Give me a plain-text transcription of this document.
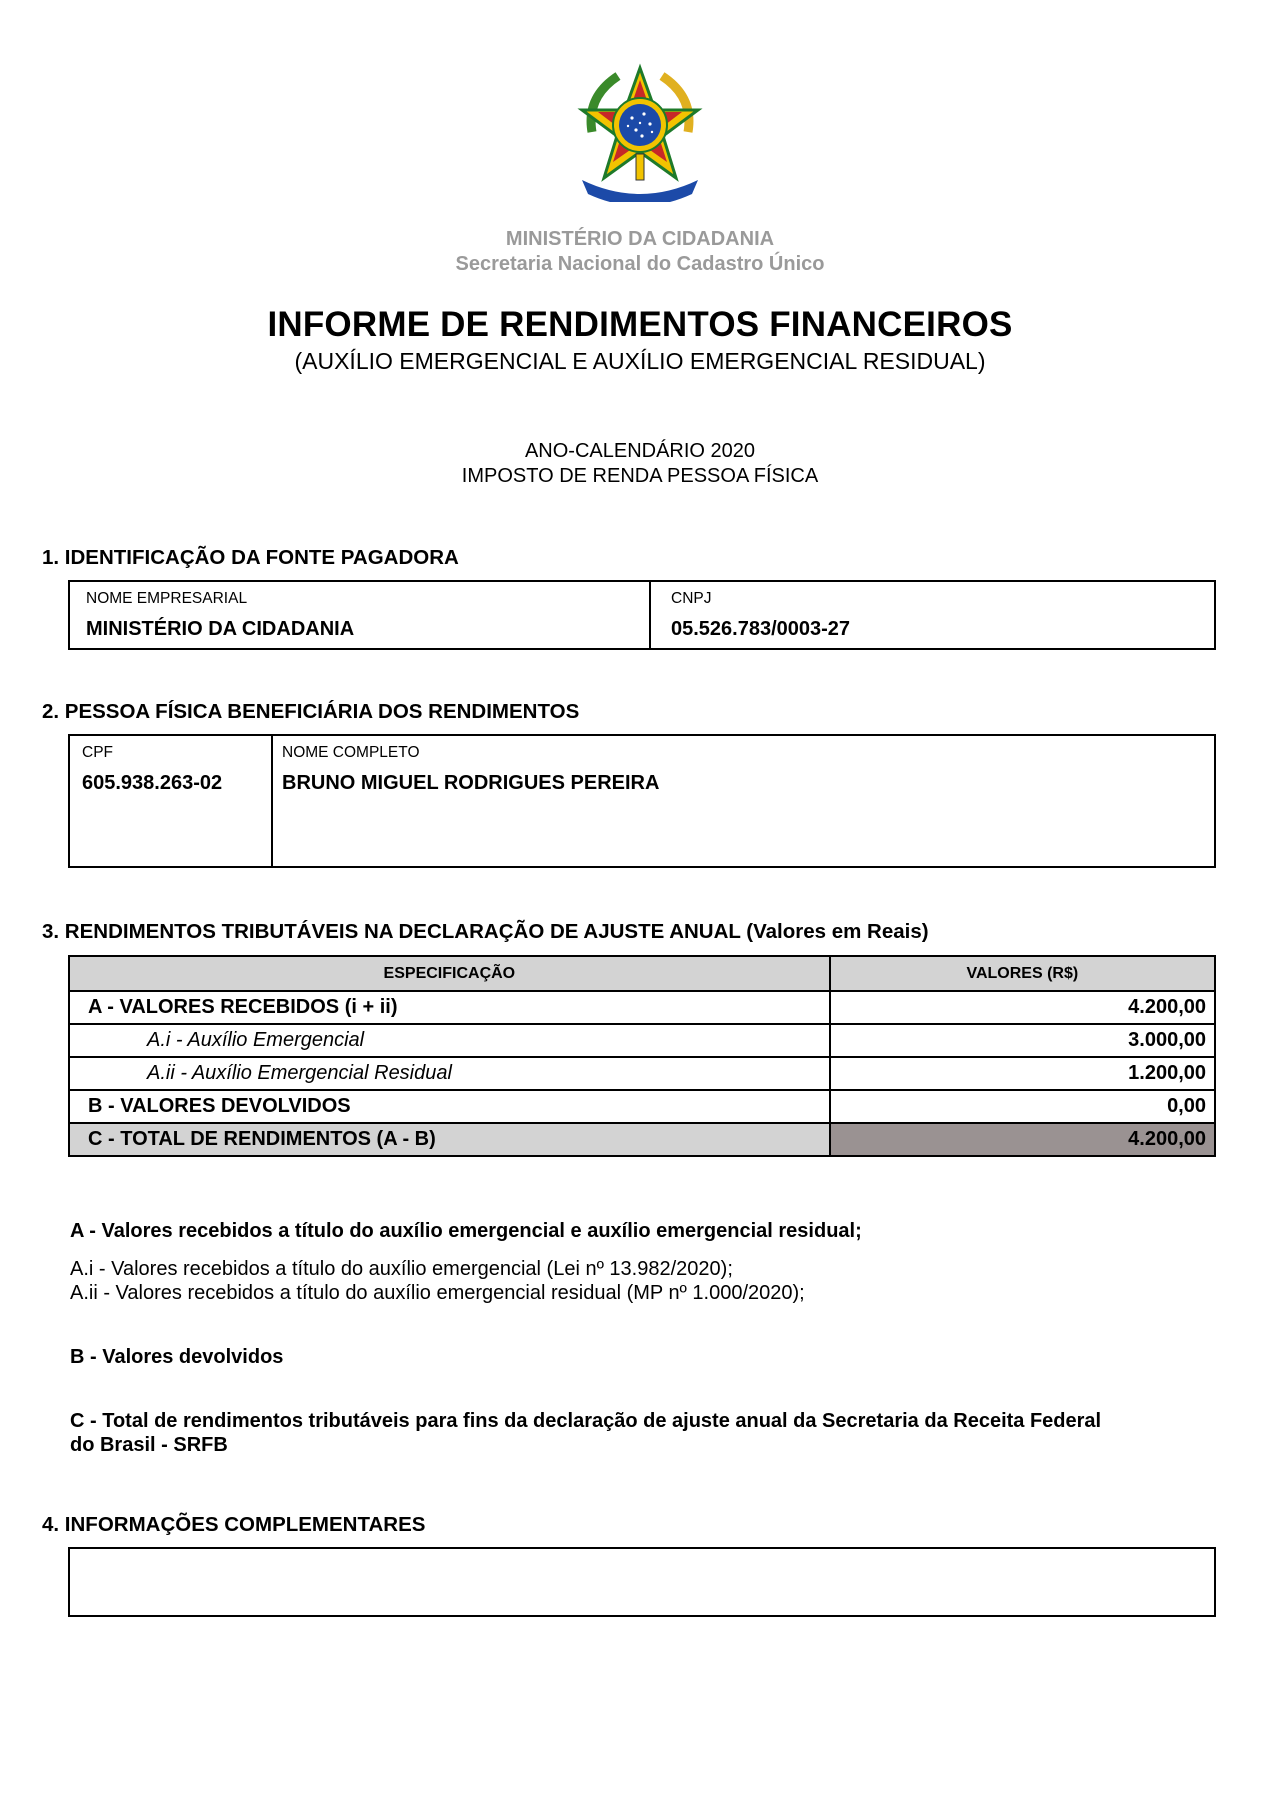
MINISTÉRIO DA CIDADANIA
Secretaria Nacional do Cadastro Único
INFORME DE RENDIMENTOS FINANCEIROS
(AUXÍLIO EMERGENCIAL E AUXÍLIO EMERGENCIAL RESIDUAL)
ANO-CALENDÁRIO 2020
IMPOSTO DE RENDA PESSOA FÍSICA
1. IDENTIFICAÇÃO DA FONTE PAGADORA
NOME EMPRESARIAL
MINISTÉRIO DA CIDADANIA
CNPJ
05.526.783/0003-27
2. PESSOA FÍSICA BENEFICIÁRIA DOS RENDIMENTOS
CPF
605.938.263-02
NOME COMPLETO
BRUNO MIGUEL RODRIGUES PEREIRA
3. RENDIMENTOS TRIBUTÁVEIS NA DECLARAÇÃO DE AJUSTE ANUAL (Valores em Reais)
ESPECIFICAÇÃO	VALORES (R$)
A - VALORES RECEBIDOS (i + ii)	4.200,00
A.i - Auxílio Emergencial	3.000,00
A.ii - Auxílio Emergencial Residual	1.200,00
B - VALORES DEVOLVIDOS	0,00
C - TOTAL DE RENDIMENTOS (A - B)	4.200,00
A - Valores recebidos a título do auxílio emergencial e auxílio emergencial residual;
A.i - Valores recebidos a título do auxílio emergencial (Lei nº 13.982/2020);
A.ii - Valores recebidos a título do auxílio emergencial residual (MP nº 1.000/2020);
B - Valores devolvidos
C - Total de rendimentos tributáveis para fins da declaração de ajuste anual da Secretaria da Receita Federal
do Brasil - SRFB
4. INFORMAÇÕES COMPLEMENTARES
